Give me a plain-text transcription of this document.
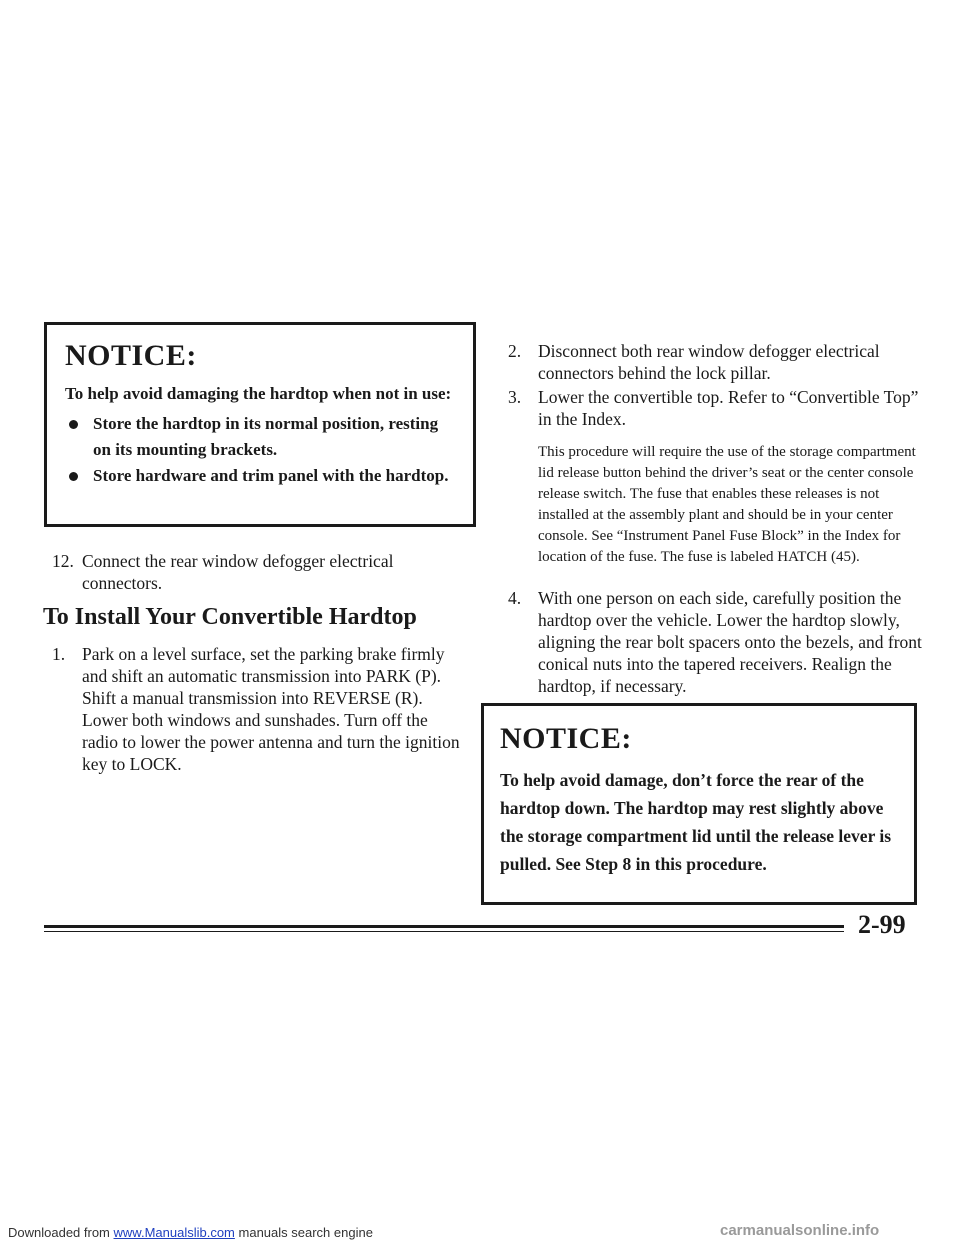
NOTICE:

To help avoid damaging the hardtop when not in use:

Store the hardtop in its normal position, resting on its mounting brackets.
Store hardware and trim panel with the hardtop.
12. Connect the rear window defogger electrical connectors.
To Install Your Convertible Hardtop
1. Park on a level surface, set the parking brake firmly and shift an automatic transmission into PARK (P). Shift a manual transmission into REVERSE (R). Lower both windows and sunshades. Turn off the radio to lower the power antenna and turn the ignition key to LOCK.
2. Disconnect both rear window defogger electrical connectors behind the lock pillar.
3. Lower the convertible top. Refer to “Convertible Top” in the Index.
This procedure will require the use of the storage compartment lid release button behind the driver’s seat or the center console release switch. The fuse that enables these releases is not installed at the assembly plant and should be in your center console. See “Instrument Panel Fuse Block” in the Index for location of the fuse. The fuse is labeled HATCH (45).
4. With one person on each side, carefully position the hardtop over the vehicle. Lower the hardtop slowly, aligning the rear bolt spacers onto the bezels, and front conical nuts into the tapered receivers. Realign the hardtop, if necessary.

NOTICE:

To help avoid damage, don’t force the rear of the hardtop down. The hardtop may rest slightly above the storage compartment lid until the release lever is pulled. See Step 8 in this procedure.

2-99
Downloaded from www.Manualslib.com manuals search engine	carmanualsonline.info
